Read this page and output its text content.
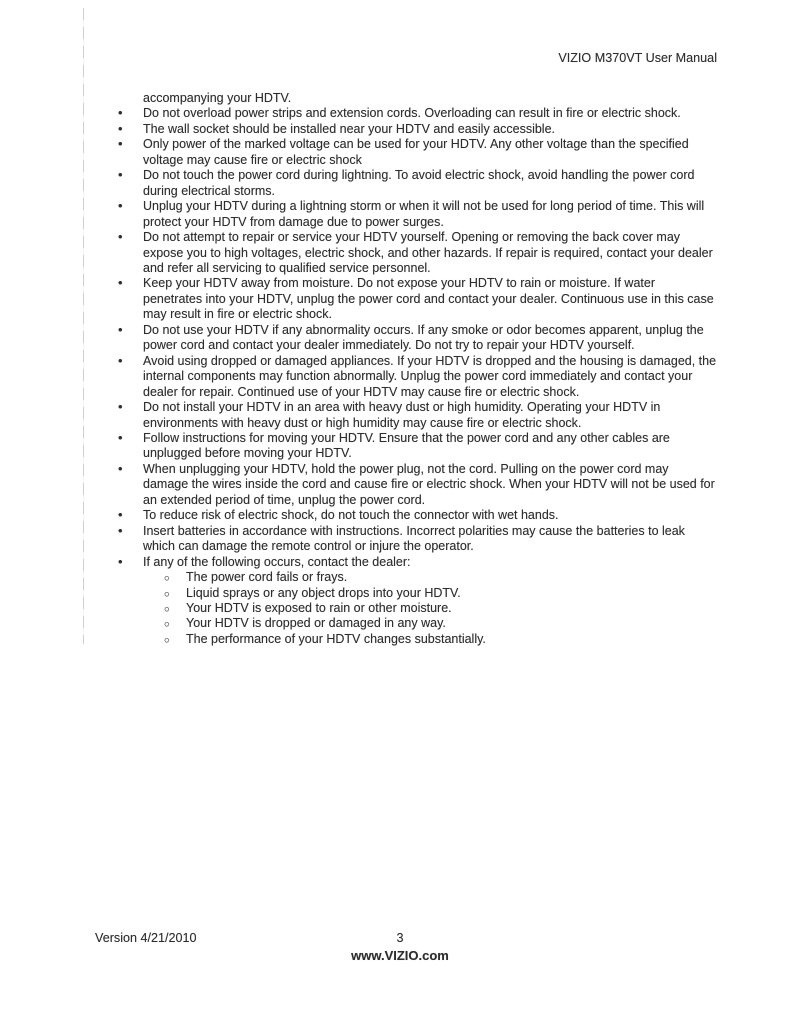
VIZIO M370VT User Manual
accompanying your HDTV.
• Do not overload power strips and extension cords. Overloading can result in fire or electric shock.
• The wall socket should be installed near your HDTV and easily accessible.
• Only power of the marked voltage can be used for your HDTV. Any other voltage than the specified voltage may cause fire or electric shock
• Do not touch the power cord during lightning. To avoid electric shock, avoid handling the power cord during electrical storms.
• Unplug your HDTV during a lightning storm or when it will not be used for long period of time. This will protect your HDTV from damage due to power surges.
• Do not attempt to repair or service your HDTV yourself. Opening or removing the back cover may expose you to high voltages, electric shock, and other hazards. If repair is required, contact your dealer and refer all servicing to qualified service personnel.
• Keep your HDTV away from moisture. Do not expose your HDTV to rain or moisture. If water penetrates into your HDTV, unplug the power cord and contact your dealer. Continuous use in this case may result in fire or electric shock.
• Do not use your HDTV if any abnormality occurs. If any smoke or odor becomes apparent, unplug the power cord and contact your dealer immediately. Do not try to repair your HDTV yourself.
• Avoid using dropped or damaged appliances. If your HDTV is dropped and the housing is damaged, the internal components may function abnormally. Unplug the power cord immediately and contact your dealer for repair. Continued use of your HDTV may cause fire or electric shock.
• Do not install your HDTV in an area with heavy dust or high humidity. Operating your HDTV in environments with heavy dust or high humidity may cause fire or electric shock.
• Follow instructions for moving your HDTV. Ensure that the power cord and any other cables are unplugged before moving your HDTV.
• When unplugging your HDTV, hold the power plug, not the cord. Pulling on the power cord may damage the wires inside the cord and cause fire or electric shock. When your HDTV will not be used for an extended period of time, unplug the power cord.
• To reduce risk of electric shock, do not touch the connector with wet hands.
• Insert batteries in accordance with instructions. Incorrect polarities may cause the batteries to leak which can damage the remote control or injure the operator.
• If any of the following occurs, contact the dealer:
○ The power cord fails or frays.
○ Liquid sprays or any object drops into your HDTV.
○ Your HDTV is exposed to rain or other moisture.
○ Your HDTV is dropped or damaged in any way.
○ The performance of your HDTV changes substantially.
Version 4/21/2010	3
www.VIZIO.com
